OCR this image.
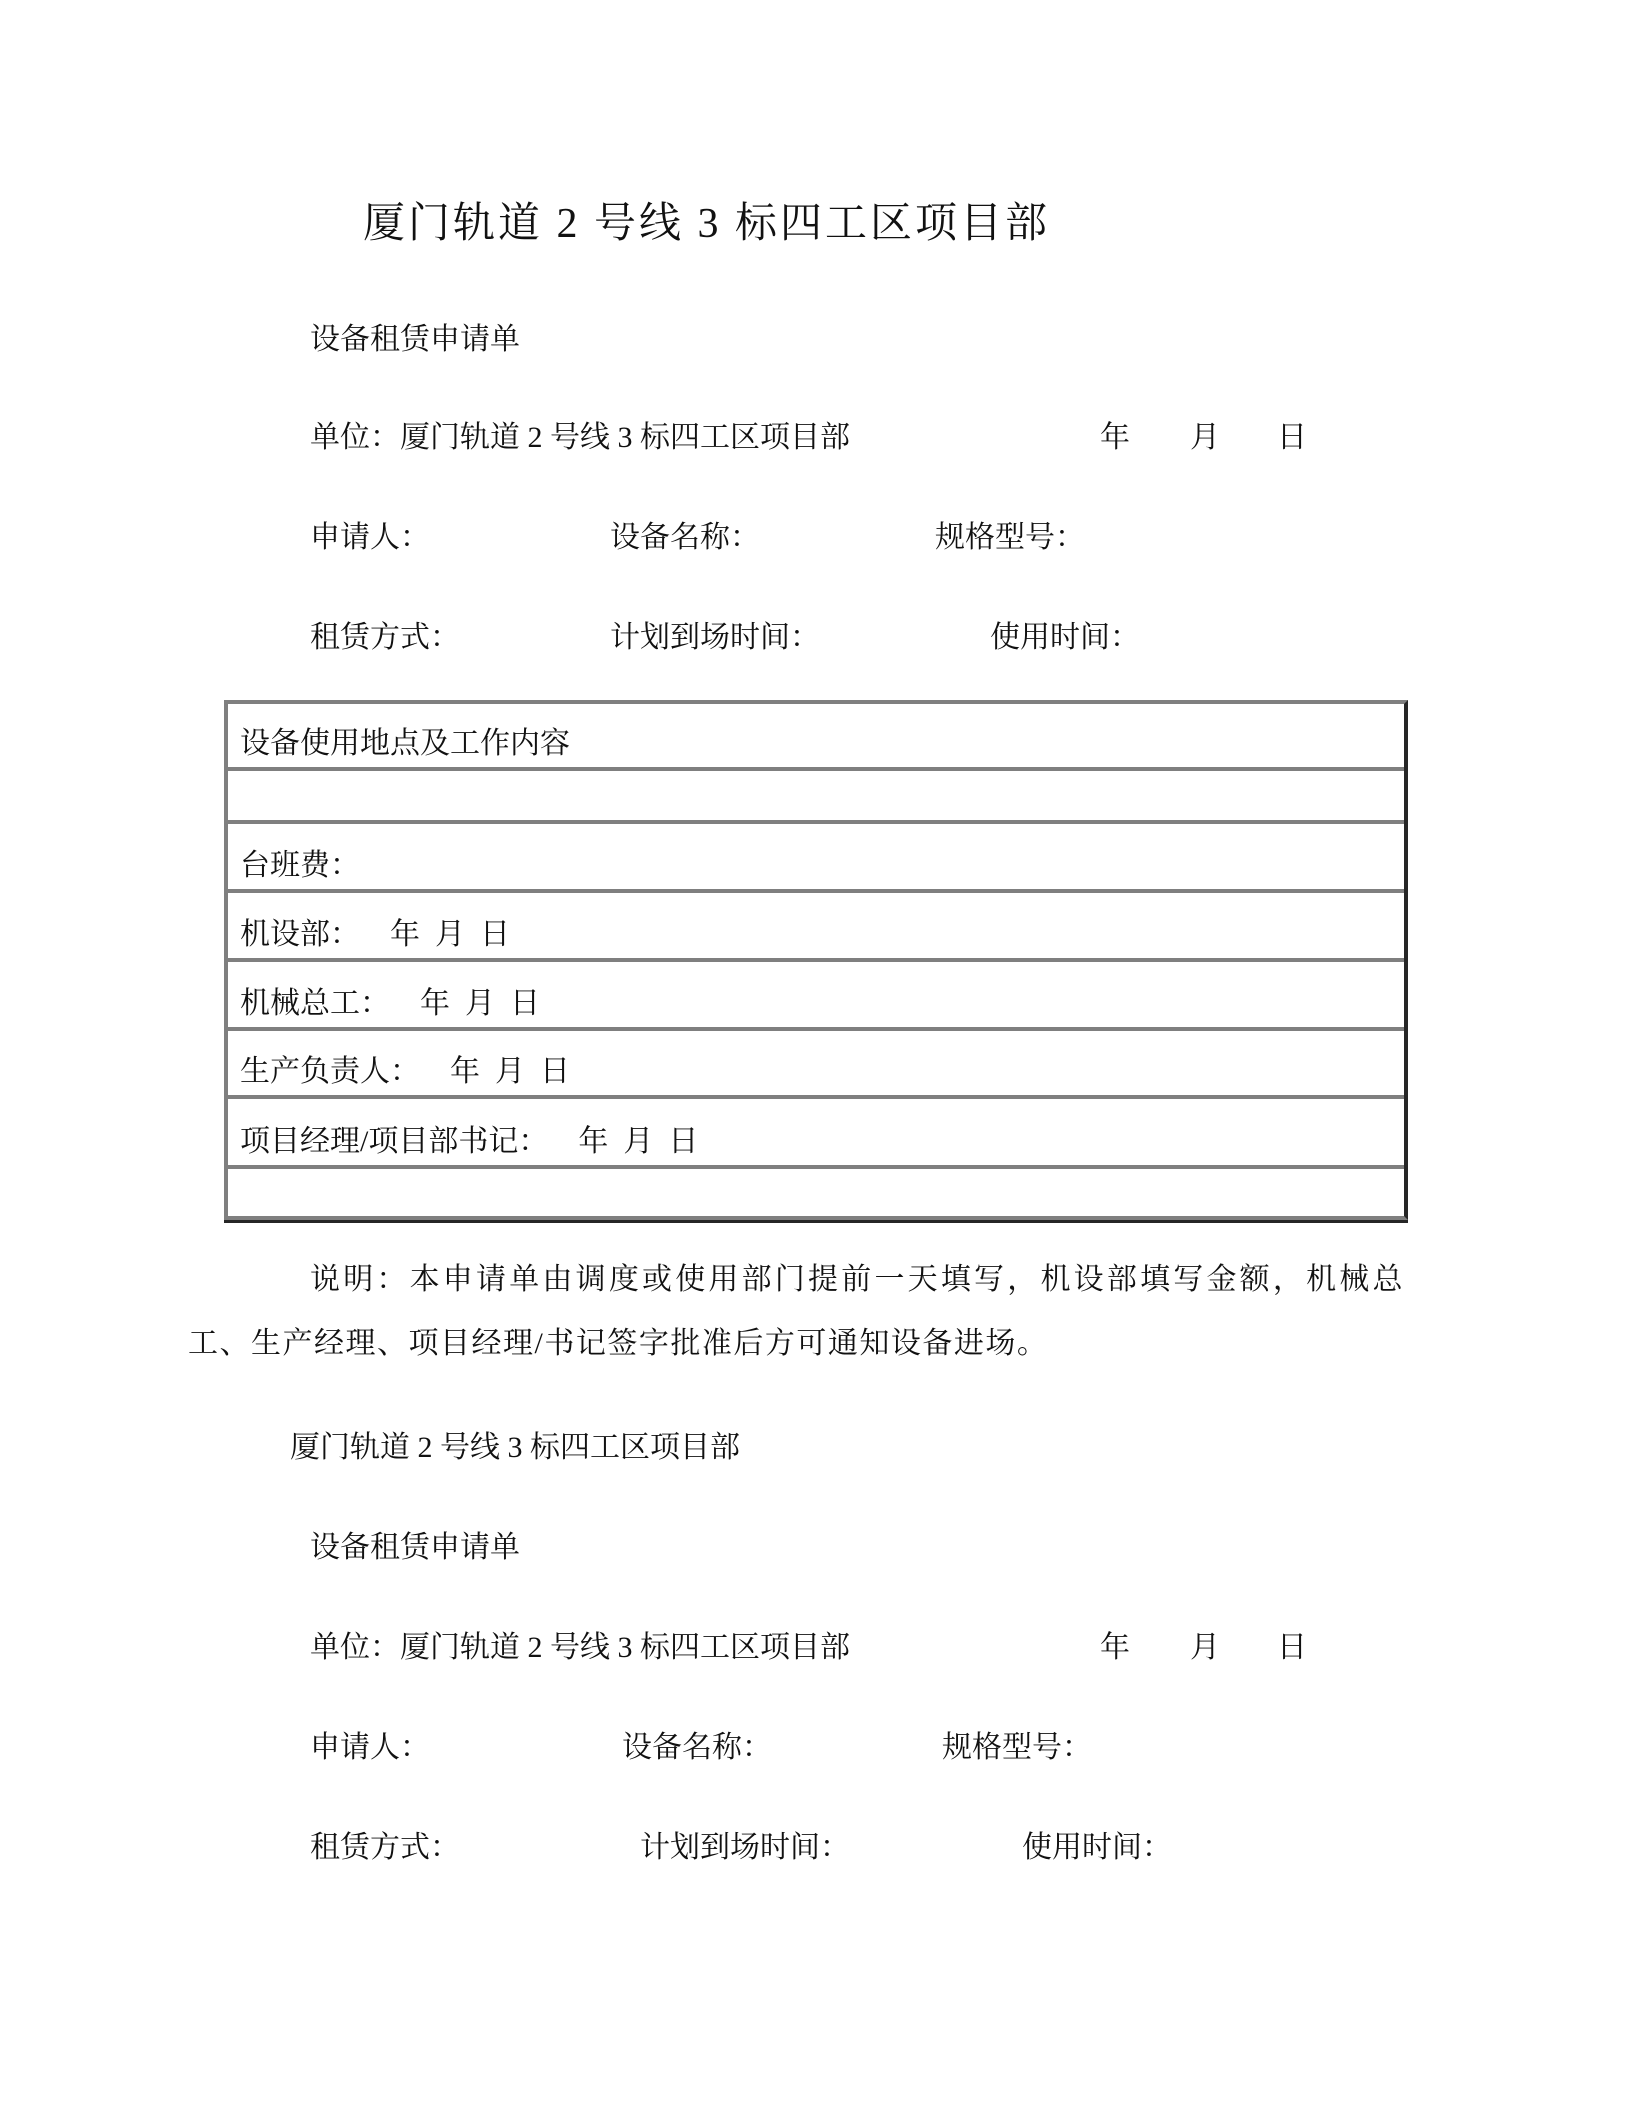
厦门轨道 2 号线 3 标四工区项目部
设备租赁申请单
单位：厦门轨道 2 号线 3 标四工区项目部	年 月 日
申请人：	设备名称：	规格型号：
租赁方式：	计划到场时间：	使用时间：
设备使用地点及工作内容
台班费：
机设部：    年  月  日
机械总工：    年  月  日
生产负责人：    年  月  日
项目经理/项目部书记：    年  月  日
说明：本申请单由调度或使用部门提前一天填写，机设部填写金额，机械总工、生产经理、项目经理/书记签字批准后方可通知设备进场。
厦门轨道 2 号线 3 标四工区项目部
设备租赁申请单
单位：厦门轨道 2 号线 3 标四工区项目部	年 月 日
申请人：	设备名称：	规格型号：
租赁方式：	计划到场时间：	使用时间：
